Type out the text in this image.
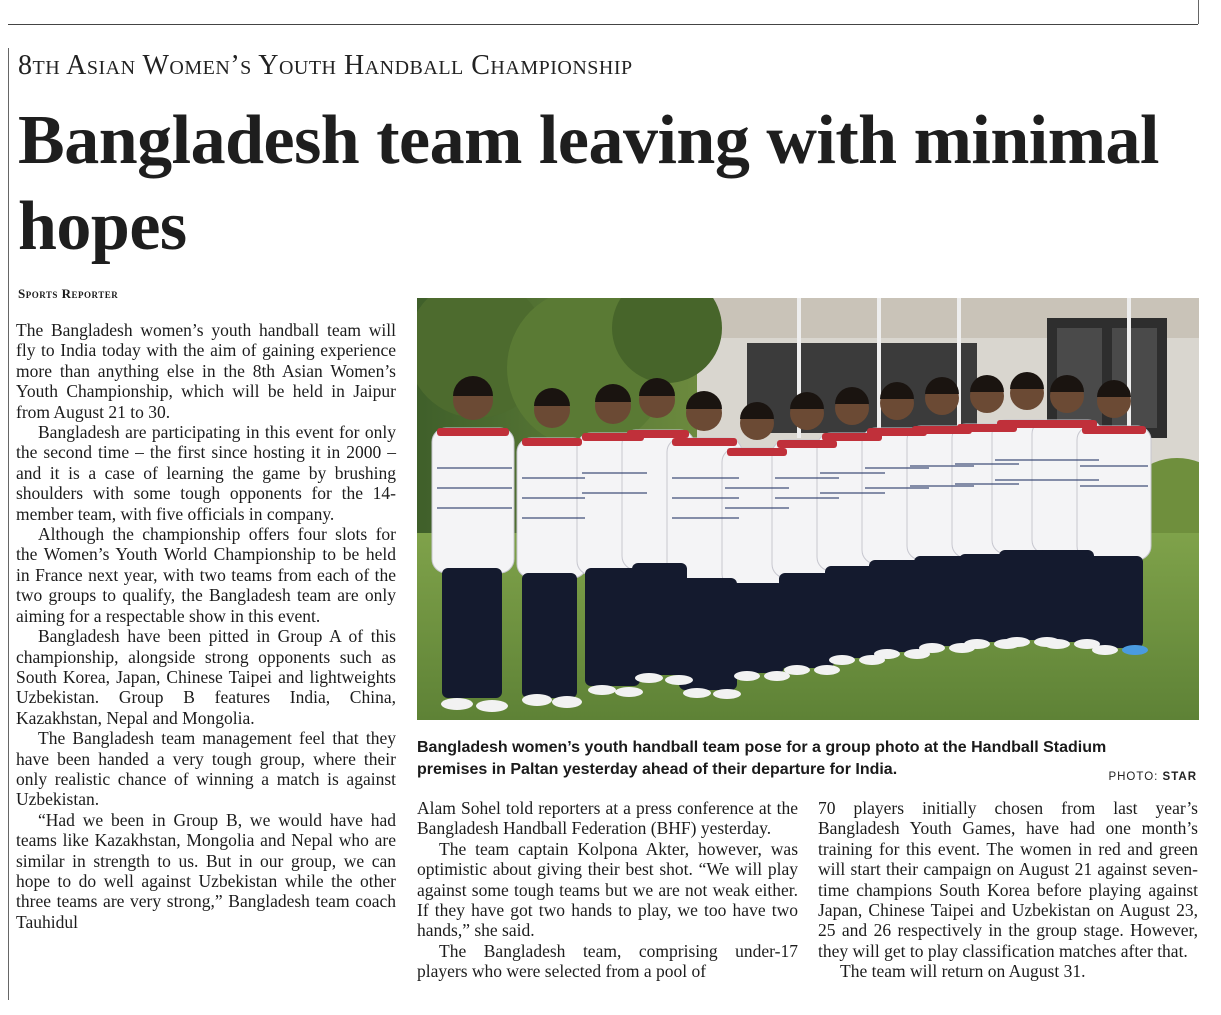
8th Asian Women’s Youth Handball Championship
Bangladesh team leaving with minimal hopes
Sports Reporter

The Bangladesh women’s youth handball team will fly to India today with the aim of gaining experience more than anything else in the 8th Asian Women’s Youth Championship, which will be held in Jaipur from August 21 to 30.

Bangladesh are participating in this event for only the second time – the first since hosting it in 2000 –and it is a case of learning the game by brushing shoulders with some tough opponents for the 14-member team, with five officials in company.

Although the championship offers four slots for the Women’s Youth World Championship to be held in France next year, with two teams from each of the two groups to qualify, the Bangladesh team are only aiming for a respectable show in this event.

Bangladesh have been pitted in Group A of this championship, alongside strong opponents such as South Korea, Japan, Chinese Taipei and lightweights Uzbekistan. Group B features India, China, Kazakhstan, Nepal and Mongolia.

The Bangladesh team management feel that they have been handed a very tough group, where their only realistic chance of winning a match is against Uzbekistan.

“Had we been in Group B, we would have had teams like Kazakhstan, Mongolia and Nepal who are similar in strength to us. But in our group, we can hope to do well against Uzbekistan while the other three teams are very strong,” Bangladesh team coach Tauhidul

Bangladesh women’s youth handball team pose for a group photo at the Handball Stadium premises in Paltan yesterday ahead of their departure for India.	PHOTO: STAR

Alam Sohel told reporters at a press conference at the Bangladesh Handball Federation (BHF) yesterday.

The team captain Kolpona Akter, however, was optimistic about giving their best shot. “We will play against some tough teams but we are not weak either. If they have got two hands to play, we too have two hands,” she said.

The Bangladesh team, comprising under-17 players who were selected from a pool of

70 players initially chosen from last year’s Bangladesh Youth Games, have had one month’s training for this event. The women in red and green will start their campaign on August 21 against seven-time champions South Korea before playing against Japan, Chinese Taipei and Uzbekistan on August 23, 25 and 26 respectively in the group stage. However, they will get to play classification matches after that.

The team will return on August 31.
